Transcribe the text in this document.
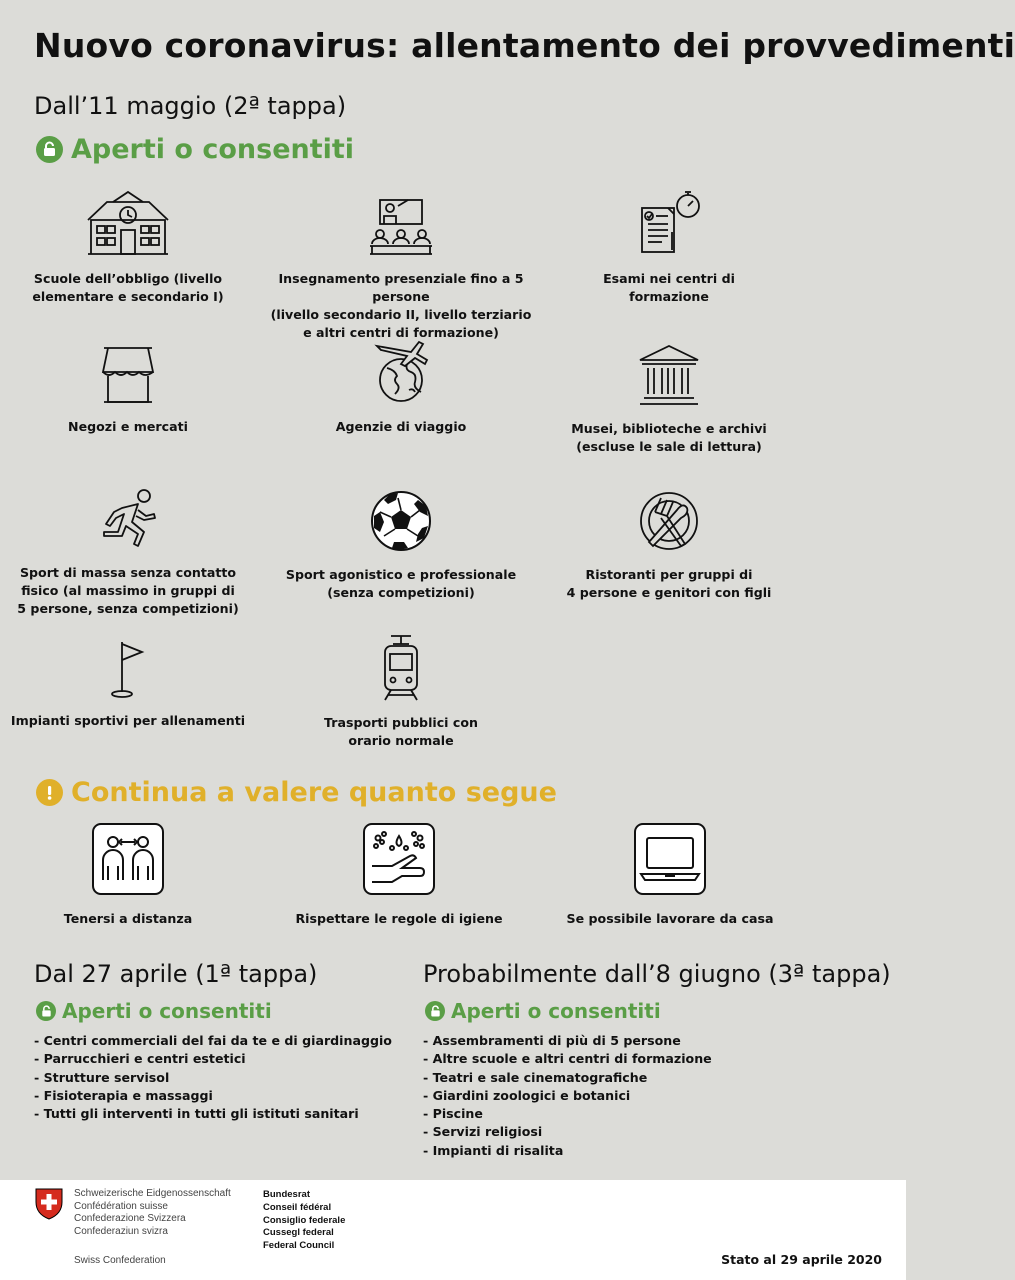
Nuovo coronavirus: allentamento dei provvedimenti
Dall’11 maggio (2ª tappa)
Aperti o consentiti
Scuole dell’obbligo (livello
elementare e secondario I)
Insegnamento presenziale fino a 5 persone
(livello secondario II, livello terziario
e altri centri di formazione)
Esami nei centri di
formazione
Negozi e mercati	Agenzie di viaggio	Musei, biblioteche e archivi
(escluse le sale di lettura)
Sport di massa senza contatto
fisico (al massimo in gruppi di
5 persone, senza competizioni)
Sport agonistico e professionale
(senza competizioni)
Ristoranti per gruppi di
4 persone e genitori con figli
Impianti sportivi per allenamenti	Trasporti pubblici con
orario normale
Continua a valere quanto segue
Tenersi a distanza	Rispettare le regole di igiene	Se possibile lavorare da casa
Dal 27 aprile (1ª tappa)
Aperti o consentiti
- Centri commerciali del fai da te e di giardinaggio
- Parrucchieri e centri estetici
- Strutture servisol
- Fisioterapia e massaggi
- Tutti gli interventi in tutti gli istituti sanitari
Probabilmente dall’8 giugno (3ª tappa)
Aperti o consentiti
- Assembramenti di più di 5 persone
- Altre scuole e altri centri di formazione
- Teatri e sale cinematografiche
- Giardini zoologici e botanici
- Piscine
- Servizi religiosi
- Impianti di risalita
Schweizerische Eidgenossenschaft
Confédération suisse
Confederazione Svizzera
Confederaziun svizra
Swiss Confederation
Bundesrat
Conseil fédéral
Consiglio federale
Cussegl federal
Federal Council
Stato al 29 aprile 2020
